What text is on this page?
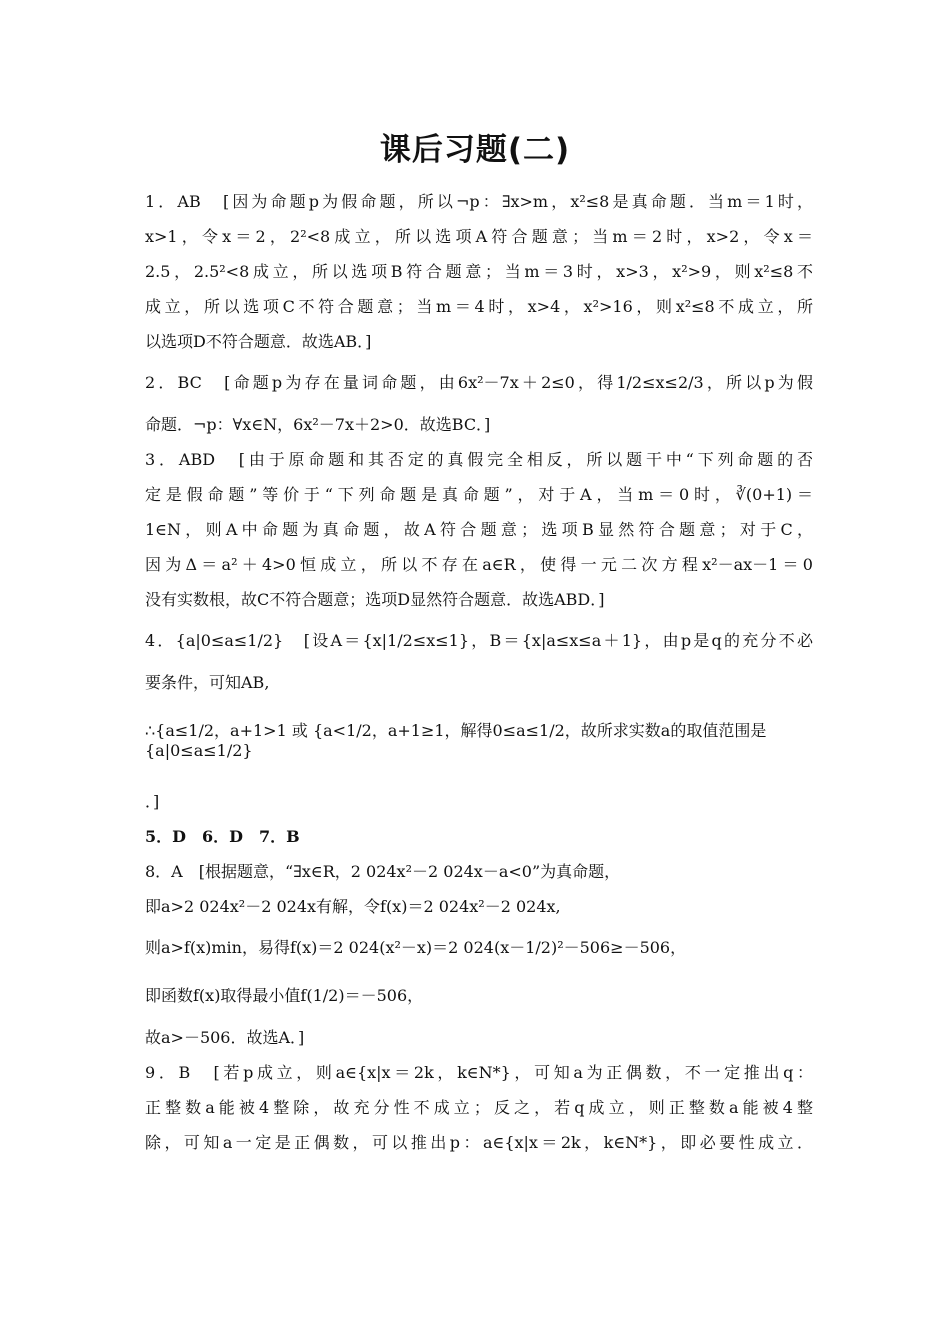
课后习题(二)
1．AB　[因为命题p为假命题，所以¬p：∃x>m，x²≤8是真命题．当m＝1时，
x>1，令x＝2，2²<8成立，所以选项A符合题意；当m＝2时，x>2，令x＝
2.5，2.5²<8成立，所以选项B符合题意；当m＝3时，x>3，x²>9，则x²≤8不
成立，所以选项C不符合题意；当m＝4时，x>4，x²>16，则x²≤8不成立，所
以选项D不符合题意．故选AB．]
2．BC　[命题p为存在量词命题，由6x²－7x＋2≤0，得1/2≤x≤2/3，所以p为假
命题．¬p：∀x∈N，6x²－7x＋2>0．故选BC．]
3．ABD　[由于原命题和其否定的真假完全相反，所以题干中“下列命题的否
定是假命题”等价于“下列命题是真命题”，对于A，当m＝0时，∛(0+1)＝
1∈N，则A中命题为真命题，故A符合题意；选项B显然符合题意；对于C，
因为Δ＝a²＋4>0恒成立，所以不存在a∈R，使得一元二次方程x²－ax－1＝0
没有实数根，故C不符合题意；选项D显然符合题意．故选ABD．]
4．{a|0≤a≤1/2}　[设A＝{x|1/2≤x≤1}，B＝{x|a≤x≤a＋1}，由p是q的充分不必
要条件，可知AB,
∴{a≤1/2，a+1>1 或 {a<1/2，a+1≥1，解得0≤a≤1/2，故所求实数a的取值范围是{a|0≤a≤1/2}
．]
5．D　6．D　7．B
8．A　[根据题意，“∃x∈R，2 024x²－2 024x－a<0”为真命题，
即a>2 024x²－2 024x有解，令f(x)＝2 024x²－2 024x,
则a>f(x)min，易得f(x)＝2 024(x²－x)＝2 024(x－1/2)²－506≥－506，
即函数f(x)取得最小值f(1/2)＝－506，
故a>－506．故选A．]
9．B　[若p成立，则a∈{x|x＝2k，k∈N*}，可知a为正偶数，不一定推出q：
正整数a能被4整除，故充分性不成立；反之，若q成立，则正整数a能被4整
除，可知a一定是正偶数，可以推出p：a∈{x|x＝2k，k∈N*}，即必要性成立．
